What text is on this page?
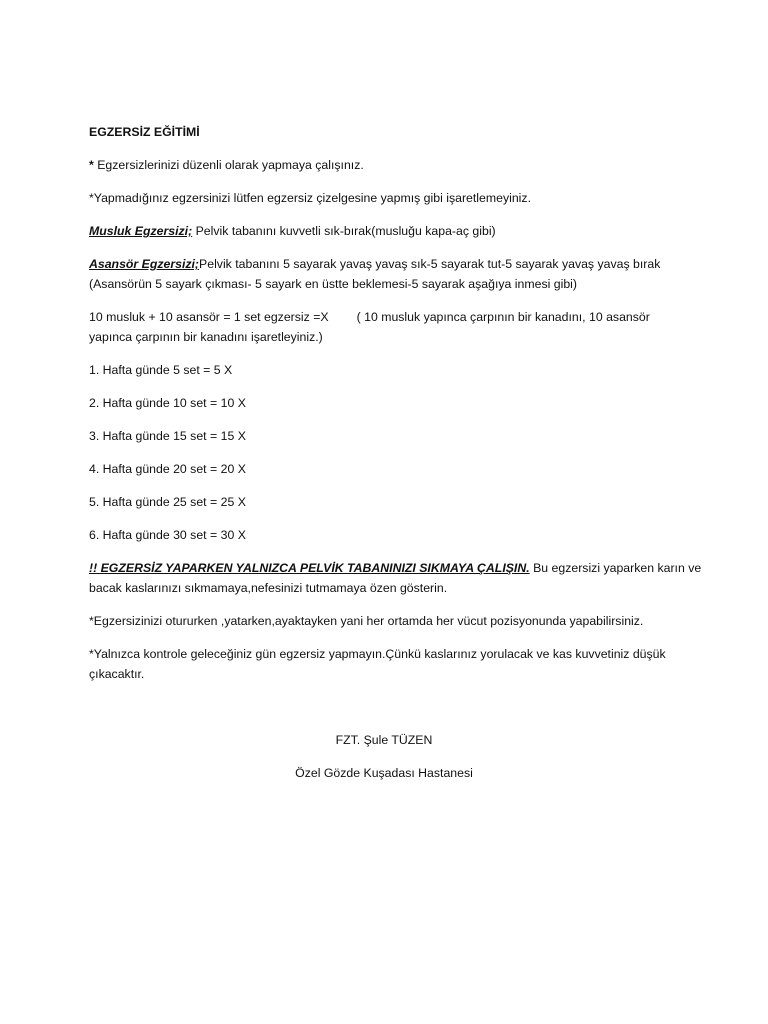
EGZERSİZ EĞİTİMİ

* Egzersizlerinizi düzenli olarak yapmaya çalışınız.

*Yapmadığınız egzersinizi lütfen egzersiz çizelgesine yapmış gibi işaretlemeyiniz.

Musluk Egzersizi; Pelvik tabanını kuvvetli sık-bırak(musluğu kapa-aç gibi)

Asansör Egzersizi;Pelvik tabanını 5 sayarak yavaş yavaş sık-5 sayarak tut-5 sayarak yavaş yavaş bırak

(Asansörün 5 sayark çıkması- 5 sayark en üstte beklemesi-5 sayarak aşağıya inmesi gibi)

10 musluk + 10 asansör = 1 set egzersiz =X ( 10 musluk yapınca çarpının bir kanadını, 10 asansör

yapınca çarpının bir kanadını işaretleyiniz.)

1. Hafta günde 5 set = 5 X

2. Hafta günde 10 set = 10 X

3. Hafta günde 15 set = 15 X

4. Hafta günde 20 set = 20 X

5. Hafta günde 25 set = 25 X

6. Hafta günde 30 set = 30 X

!! EGZERSİZ YAPARKEN YALNIZCA PELVİK TABANINIZI SIKMAYA ÇALIŞIN. Bu egzersizi yaparken karın ve

bacak kaslarınızı sıkmamaya,nefesinizi tutmamaya özen gösterin.

*Egzersizinizi otururken ,yatarken,ayaktayken yani her ortamda her vücut pozisyonunda yapabilirsiniz.

*Yalnızca kontrole geleceğiniz gün egzersiz yapmayın.Çünkü kaslarınız yorulacak ve kas kuvvetiniz düşük

çıkacaktır.

FZT. Şule TÜZEN

Özel Gözde Kuşadası Hastanesi
